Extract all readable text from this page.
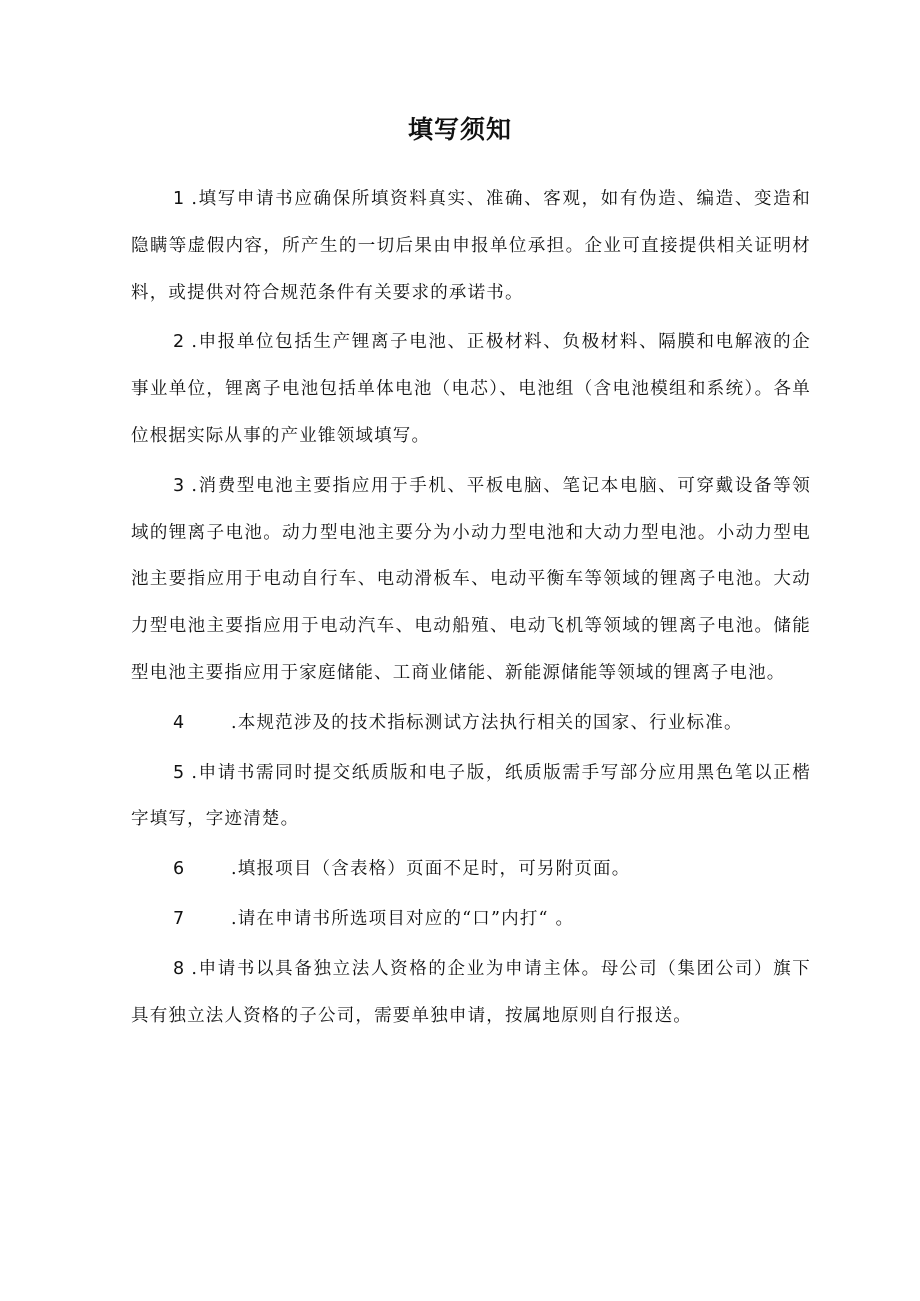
填写须知

1 .填写申请书应确保所填资料真实、准确、客观，如有伪造、编造、变造和隐瞒等虚假内容，所产生的一切后果由申报单位承担。企业可直接提供相关证明材料，或提供对符合规范条件有关要求的承诺书。

2 .申报单位包括生产锂离子电池、正极材料、负极材料、隔膜和电解液的企事业单位，锂离子电池包括单体电池（电芯）、电池组（含电池模组和系统）。各单位根据实际从事的产业锥领域填写。

3 .消费型电池主要指应用于手机、平板电脑、笔记本电脑、可穿戴设备等领域的锂离子电池。动力型电池主要分为小动力型电池和大动力型电池。小动力型电池主要指应用于电动自行车、电动滑板车、电动平衡车等领域的锂离子电池。大动力型电池主要指应用于电动汽车、电动船殖、电动飞机等领域的锂离子电池。储能型电池主要指应用于家庭储能、工商业储能、新能源储能等领域的锂离子电池。

4	.本规范涉及的技术指标测试方法执行相关的国家、行业标准。

5 .申请书需同时提交纸质版和电子版，纸质版需手写部分应用黑色笔以正楷字填写，字迹清楚。

6	.填报项目（含表格）页面不足时，可另附页面。

7	.请在申请书所选项目对应的“口”内打“ 。

8 .申请书以具备独立法人资格的企业为申请主体。母公司（集团公司）旗下具有独立法人资格的子公司，需要单独申请，按属地原则自行报送。
